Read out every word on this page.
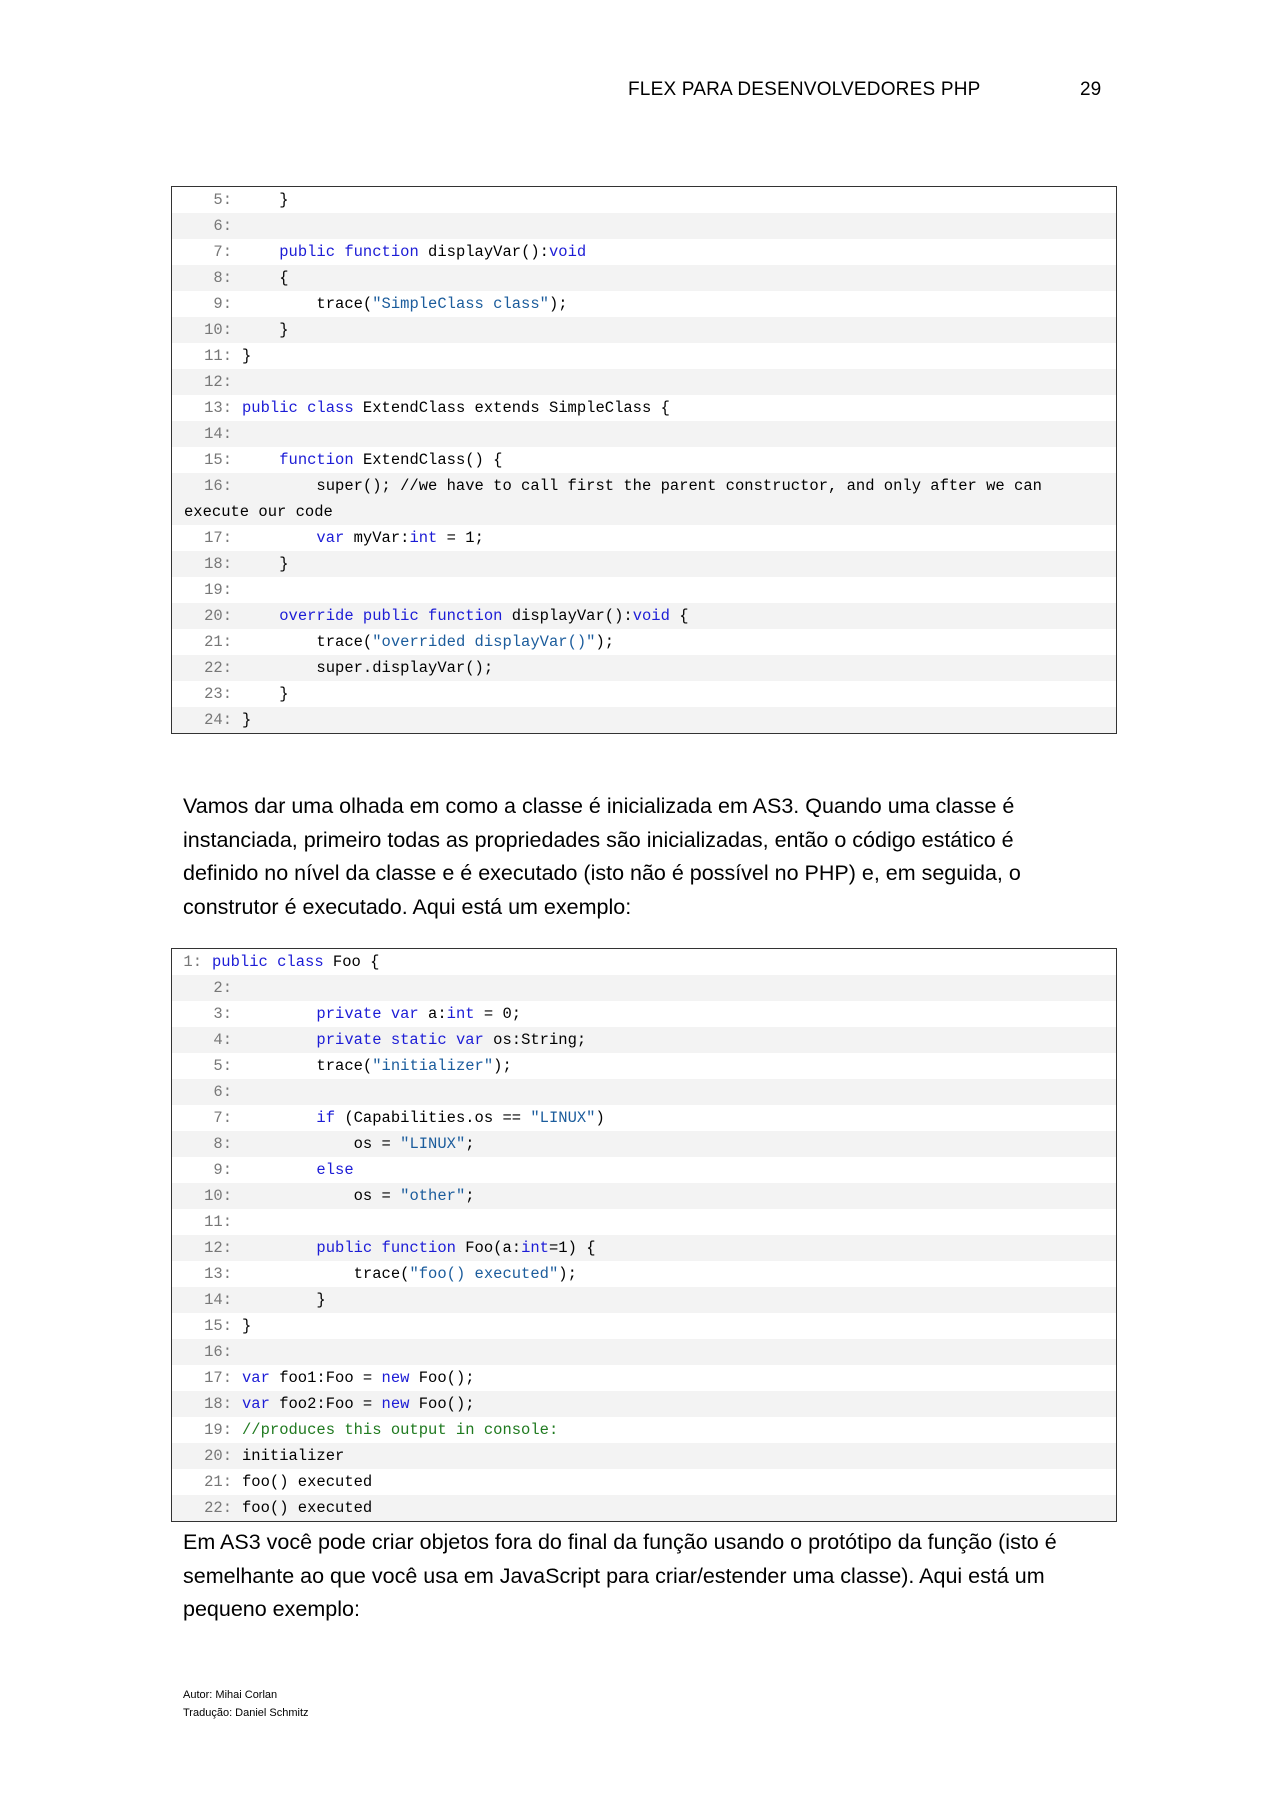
FLEX PARA DESENVOLVEDORES PHP	29
5: }
6:
7:	public function displayVar():void
8: {
9: trace("SimpleClass class");
10: }
11: }
12:
13: public class ExtendClass extends SimpleClass {
14:
15:	function ExtendClass() {
16: super(); //we have to call first the parent constructor, and only after we can
execute our code
17:	var myVar:int = 1;
18: }
19:
20:	override public function displayVar():void {
21: trace("overrided displayVar()");
22: super.displayVar();
23: }
24: }
Vamos dar uma olhada em como a classe é inicializada em AS3. Quando uma classe é instanciada, primeiro todas as propriedades são inicializadas, então o código estático é definido no nível da classe e é executado (isto não é possível no PHP) e, em seguida, o construtor é executado. Aqui está um exemplo:
1: public class Foo {
2:
3:	private var a:int = 0;
4:	private static var os:String;
5: trace("initializer");
6:
7:	if (Capabilities.os == "LINUX")
8: os = "LINUX";
9:	else
10: os = "other";
11:
12:	public function Foo(a:int=1) {
13: trace("foo() executed");
14: }
15: }
16:
17: var foo1:Foo = new Foo();
18: var foo2:Foo = new Foo();
19: //produces this output in console:
20: initializer
21: foo() executed
22: foo() executed
Em AS3 você pode criar objetos fora do final da função usando o protótipo da função (isto é semelhante ao que você usa em JavaScript para criar/estender uma classe). Aqui está um pequeno exemplo:
Autor: Mihai Corlan
Tradução: Daniel Schmitz
